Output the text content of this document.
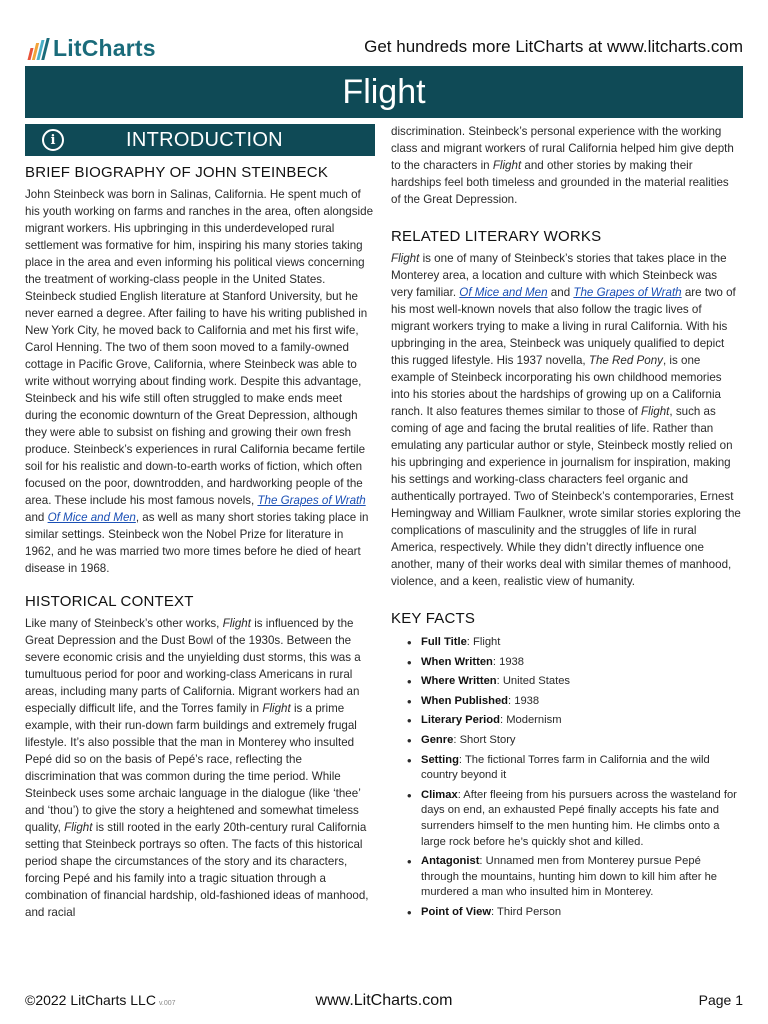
LitCharts	Get hundreds more LitCharts at www.litcharts.com
Flight
i	INTRODUCTION
BRIEF BIOGRAPHY OF JOHN STEINBECK

John Steinbeck was born in Salinas, California. He spent much of his youth working on farms and ranches in the area, often alongside migrant workers. His upbringing in this underdeveloped rural settlement was formative for him, inspiring his many stories taking place in the area and even informing his political views concerning the treatment of working-class people in the United States. Steinbeck studied English literature at Stanford University, but he never earned a degree. After failing to have his writing published in New York City, he moved back to California and met his first wife, Carol Henning. The two of them soon moved to a family-owned cottage in Pacific Grove, California, where Steinbeck was able to write without worrying about finding work. Despite this advantage, Steinbeck and his wife still often struggled to make ends meet during the economic downturn of the Great Depression, although they were able to subsist on fishing and growing their own fresh produce. Steinbeck’s experiences in rural California became fertile soil for his realistic and down-to-earth works of fiction, which often focused on the poor, downtrodden, and hardworking people of the area. These include his most famous novels, The Grapes of Wrath and Of Mice and Men, as well as many short stories taking place in similar settings. Steinbeck won the Nobel Prize for literature in 1962, and he was married two more times before he died of heart disease in 1968.

HISTORICAL CONTEXT

Like many of Steinbeck’s other works, Flight is influenced by the Great Depression and the Dust Bowl of the 1930s. Between the severe economic crisis and the unyielding dust storms, this was a tumultuous period for poor and working-class Americans in rural areas, including many parts of California. Migrant workers had an especially difficult life, and the Torres family in Flight is a prime example, with their run-down farm buildings and extremely frugal lifestyle. It’s also possible that the man in Monterey who insulted Pepé did so on the basis of Pepé’s race, reflecting the discrimination that was common during the time period. While Steinbeck uses some archaic language in the dialogue (like ‘thee’ and ‘thou’) to give the story a heightened and somewhat timeless quality, Flight is still rooted in the early 20th-century rural California setting that Steinbeck portrays so often. The facts of this historical period shape the circumstances of the story and its characters, forcing Pepé and his family into a tragic situation through a combination of financial hardship, old-fashioned ideas of manhood, and racial

discrimination. Steinbeck’s personal experience with the working class and migrant workers of rural California helped him give depth to the characters in Flight and other stories by making their hardships feel both timeless and grounded in the material realities of the Great Depression.

RELATED LITERARY WORKS

Flight is one of many of Steinbeck’s stories that takes place in the Monterey area, a location and culture with which Steinbeck was very familiar. Of Mice and Men and The Grapes of Wrath are two of his most well-known novels that also follow the tragic lives of migrant workers trying to make a living in rural California. With his upbringing in the area, Steinbeck was uniquely qualified to depict this rugged lifestyle. His 1937 novella, The Red Pony, is one example of Steinbeck incorporating his own childhood memories into his stories about the hardships of growing up on a California ranch. It also features themes similar to those of Flight, such as coming of age and facing the brutal realities of life. Rather than emulating any particular author or style, Steinbeck mostly relied on his upbringing and experience in journalism for inspiration, making his settings and working-class characters feel organic and authentically portrayed. Two of Steinbeck’s contemporaries, Ernest Hemingway and William Faulkner, wrote similar stories exploring the complications of masculinity and the struggles of life in rural America, respectively. While they didn’t directly influence one another, many of their works deal with similar themes of manhood, violence, and a keen, realistic view of humanity.

KEY FACTS
• Full Title: Flight
• When Written: 1938
• Where Written: United States
• When Published: 1938
• Literary Period: Modernism
• Genre: Short Story
• Setting: The fictional Torres farm in California and the wild country beyond it
• Climax: After fleeing from his pursuers across the wasteland for days on end, an exhausted Pepé finally accepts his fate and surrenders himself to the men hunting him. He climbs onto a large rock before he’s quickly shot and killed.
• Antagonist: Unnamed men from Monterey pursue Pepé through the mountains, hunting him down to kill him after he murdered a man who insulted him in Monterey.
• Point of View: Third Person
©2022 LitCharts LLC v.007	www.LitCharts.com	Page 1
